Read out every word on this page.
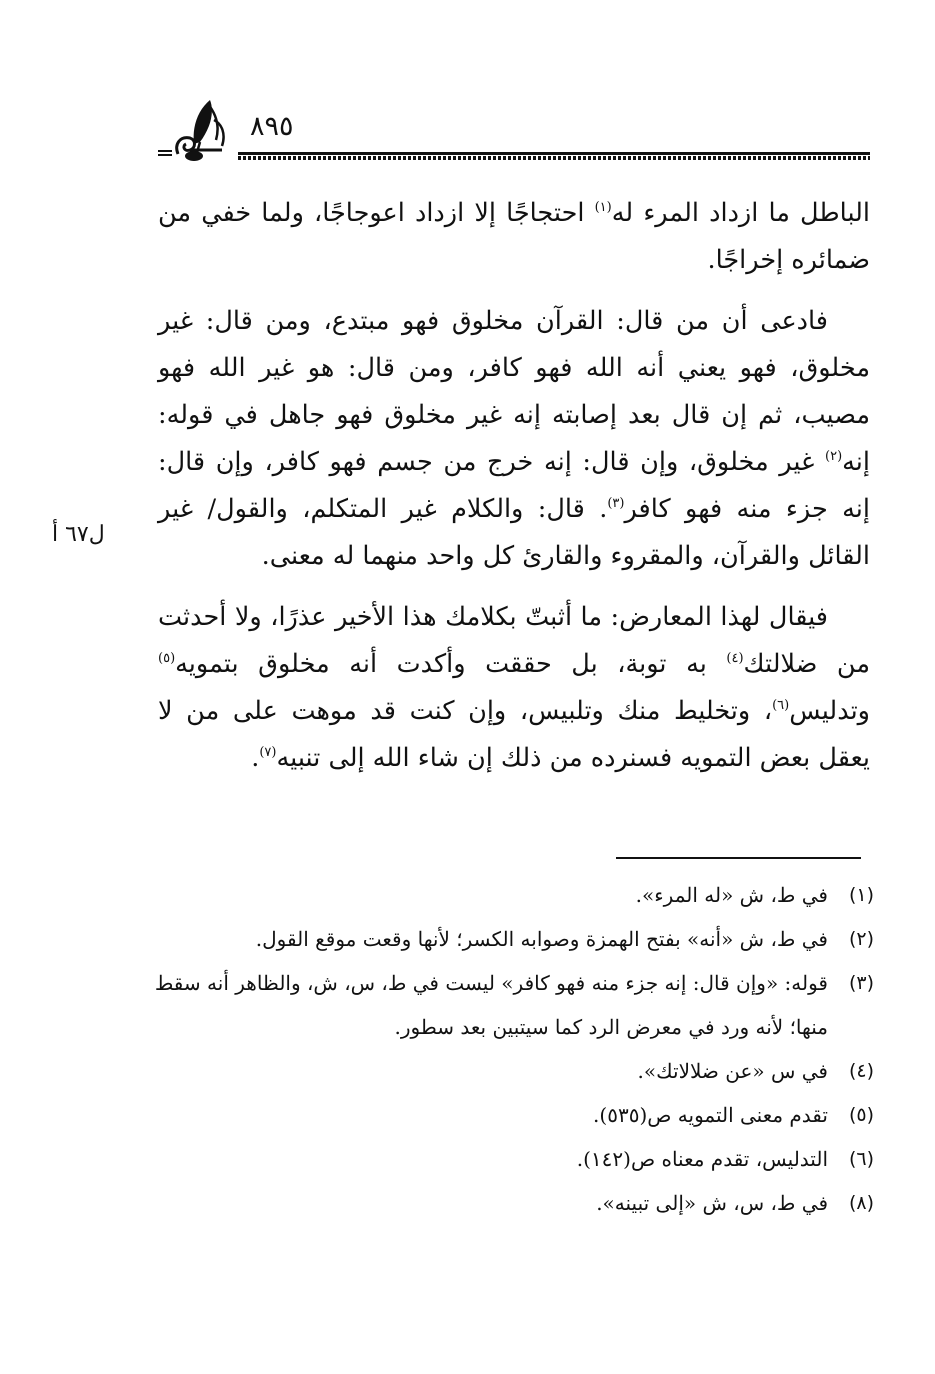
٨٩٥

الباطل ما ازداد المرء له$^{(١)}$ احتجاجًا إلا ازداد اعوجاجًا، ولما خفي من ضمائره إخراجًا.

فادعى أن من قال: القرآن مخلوق فهو مبتدع، ومن قال: غير مخلوق، فهو يعني أنه الله فهو كافر، ومن قال: هو غير الله فهو مصيب، ثم إن قال بعد إصابته إنه غير مخلوق فهو جاهل في قوله: إنه$^{(٢)}$ غير مخلوق، وإن قال: إنه خرج من جسم فهو كافر، وإن قال: إنه جزء منه فهو كافر$^{(٣)}$. قال: والكلام غير المتكلم، والقول/ غير القائل والقرآن، والمقروء والقارئ كل واحد منهما له معنى.

فيقال لهذا المعارض: ما أثبتّ بكلامك هذا الأخير عذرًا، ولا أحدثت من ضلالتك$^{(٤)}$ به توبة، بل حققت وأكدت أنه مخلوق بتمويه$^{(٥)}$ وتدليس$^{(٦)}$، وتخليط منك وتلبيس، وإن كنت قد موهت على من لا يعقل بعض التمويه فسنرده من ذلك إن شاء الله إلى تنبيه$^{(٧)}$.

ل٦٧ أ
(١)
في ط، ش «له المرء».
(٢)
في ط، ش «أنه» بفتح الهمزة وصوابه الكسر؛ لأنها وقعت موقع القول.
(٣)
قوله: «وإن قال: إنه جزء منه فهو كافر» ليست في ط، س، ش، والظاهر أنه سقط منها؛ لأنه ورد في معرض الرد كما سيتبين بعد سطور.
(٤)
في س «عن ضلالاتك».
(٥)
تقدم معنى التمويه ص(٥٣٥).
(٦)
التدليس، تقدم معناه ص(١٤٢).
(٨)
في ط، س، ش «إلى تبينه».
